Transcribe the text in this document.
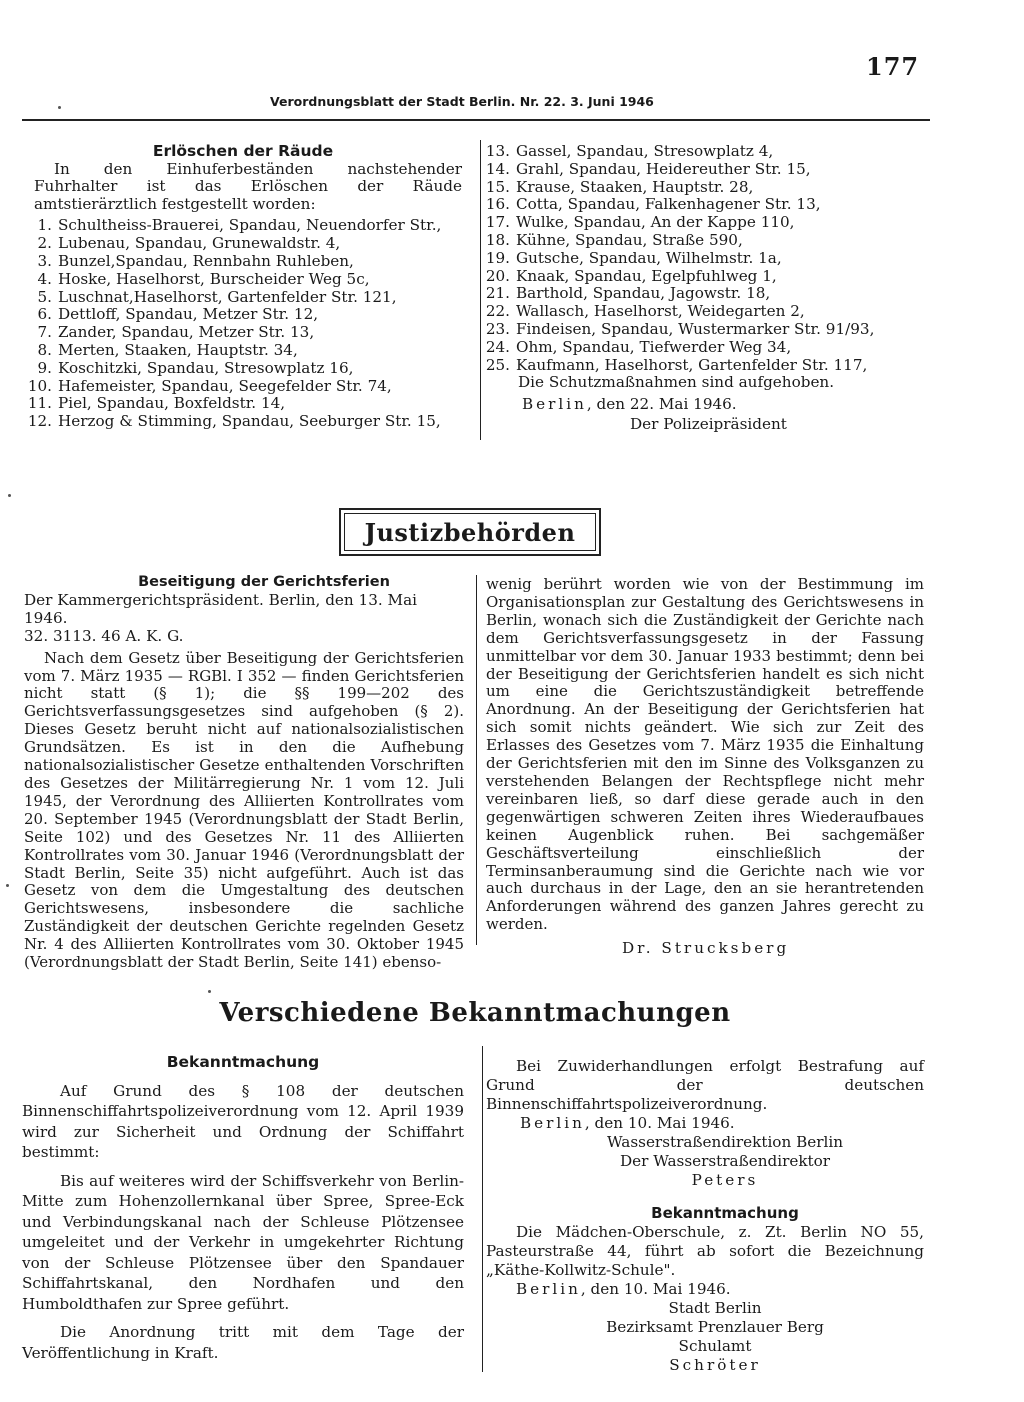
177
Verordnungsblatt der Stadt Berlin. Nr. 22. 3. Juni 1946

Erlöschen der Räude

In den Einhuferbeständen nachstehender Fuhrhalter ist das Erlöschen der Räude amtstierärztlich festgestellt worden:

1. Schultheiss-Brauerei, Spandau, Neuendorfer Str.,
2. Lubenau, Spandau, Grunewaldstr. 4,
3. Bunzel,Spandau, Rennbahn Ruhleben,
4. Hoske, Haselhorst, Burscheider Weg 5c,
5. Luschnat,Haselhorst, Gartenfelder Str. 121,
6. Dettloff, Spandau, Metzer Str. 12,
7. Zander, Spandau, Metzer Str. 13,
8. Merten, Staaken, Hauptstr. 34,
9. Koschitzki, Spandau, Stresowplatz 16,
10. Hafemeister, Spandau, Seegefelder Str. 74,
11. Piel, Spandau, Boxfeldstr. 14,
12. Herzog & Stimming, Spandau, Seeburger Str. 15,
13. Gassel, Spandau, Stresowplatz 4,
14. Grahl, Spandau, Heidereuther Str. 15,
15. Krause, Staaken, Hauptstr. 28,
16. Cotta, Spandau, Falkenhagener Str. 13,
17. Wulke, Spandau, An der Kappe 110,
18. Kühne, Spandau, Straße 590,
19. Gutsche, Spandau, Wilhelmstr. 1a,
20. Knaak, Spandau, Egelpfuhlweg 1,
21. Barthold, Spandau, Jagowstr. 18,
22. Wallasch, Haselhorst, Weidegarten 2,
23. Findeisen, Spandau, Wustermarker Str. 91/93,
24. Ohm, Spandau, Tiefwerder Weg 34,
25. Kaufmann, Haselhorst, Gartenfelder Str. 117,

Die Schutzmaßnahmen sind aufgehoben.

Berlin, den 22. Mai 1946.

Der Polizeipräsident

Justizbehörden

Beseitigung der Gerichtsferien

Der Kammergerichtspräsident. Berlin, den 13. Mai 1946.

32. 3113. 46 A. K. G.

Nach dem Gesetz über Beseitigung der Gerichtsferien vom 7. März 1935 — RGBl. I 352 — finden Gerichtsferien nicht statt (§ 1); die §§ 199—202 des Gerichtsverfassungsgesetzes sind aufgehoben (§ 2). Dieses Gesetz beruht nicht auf nationalsozialistischen Grundsätzen. Es ist in den die Aufhebung nationalsozialistischer Gesetze enthaltenden Vorschriften des Gesetzes der Militärregierung Nr. 1 vom 12. Juli 1945, der Verordnung des Alliierten Kontrollrates vom 20. September 1945 (Verordnungsblatt der Stadt Berlin, Seite 102) und des Gesetzes Nr. 11 des Alliierten Kontrollrates vom 30. Januar 1946 (Verordnungsblatt der Stadt Berlin, Seite 35) nicht aufgeführt. Auch ist das Gesetz von dem die Umgestaltung des deutschen Gerichtswesens, insbesondere die sachliche Zuständigkeit der deutschen Gerichte regelnden Gesetz Nr. 4 des Alliierten Kontrollrates vom 30. Oktober 1945 (Verordnungsblatt der Stadt Berlin, Seite 141) ebenso-

wenig berührt worden wie von der Bestimmung im Organisationsplan zur Gestaltung des Gerichtswesens in Berlin, wonach sich die Zuständigkeit der Gerichte nach dem Gerichtsverfassungsgesetz in der Fassung unmittelbar vor dem 30. Januar 1933 bestimmt; denn bei der Beseitigung der Gerichtsferien handelt es sich nicht um eine die Gerichtszuständigkeit betreffende Anordnung. An der Beseitigung der Gerichtsferien hat sich somit nichts geändert. Wie sich zur Zeit des Erlasses des Gesetzes vom 7. März 1935 die Einhaltung der Gerichtsferien mit den im Sinne des Volksganzen zu verstehenden Belangen der Rechtspflege nicht mehr vereinbaren ließ, so darf diese gerade auch in den gegenwärtigen schweren Zeiten ihres Wiederaufbaues keinen Augenblick ruhen. Bei sachgemäßer Geschäftsverteilung einschließlich der Terminsanberaumung sind die Gerichte nach wie vor auch durchaus in der Lage, den an sie herantretenden Anforderungen während des ganzen Jahres gerecht zu werden.

Dr. Strucksberg

Verschiedene Bekanntmachungen

Bekanntmachung

Auf Grund des § 108 der deutschen Binnenschiffahrtspolizeiverordnung vom 12. April 1939 wird zur Sicherheit und Ordnung der Schiffahrt bestimmt:

Bis auf weiteres wird der Schiffsverkehr von Berlin-Mitte zum Hohenzollernkanal über Spree, Spree-Eck und Verbindungskanal nach der Schleuse Plötzensee umgeleitet und der Verkehr in umgekehrter Richtung von der Schleuse Plötzensee über den Spandauer Schiffahrtskanal, den Nordhafen und den Humboldthafen zur Spree geführt.

Die Anordnung tritt mit dem Tage der Veröffentlichung in Kraft.

Bei Zuwiderhandlungen erfolgt Bestrafung auf Grund der deutschen Binnenschiffahrtspolizeiverordnung.

Berlin, den 10. Mai 1946.

Wasserstraßendirektion Berlin

Der Wasserstraßendirektor

Peters

Bekanntmachung

Die Mädchen-Oberschule, z. Zt. Berlin NO 55, Pasteurstraße 44, führt ab sofort die Bezeichnung „Käthe-Kollwitz-Schule".

Berlin, den 10. Mai 1946.

Stadt Berlin

Bezirksamt Prenzlauer Berg

Schulamt

Schröter
